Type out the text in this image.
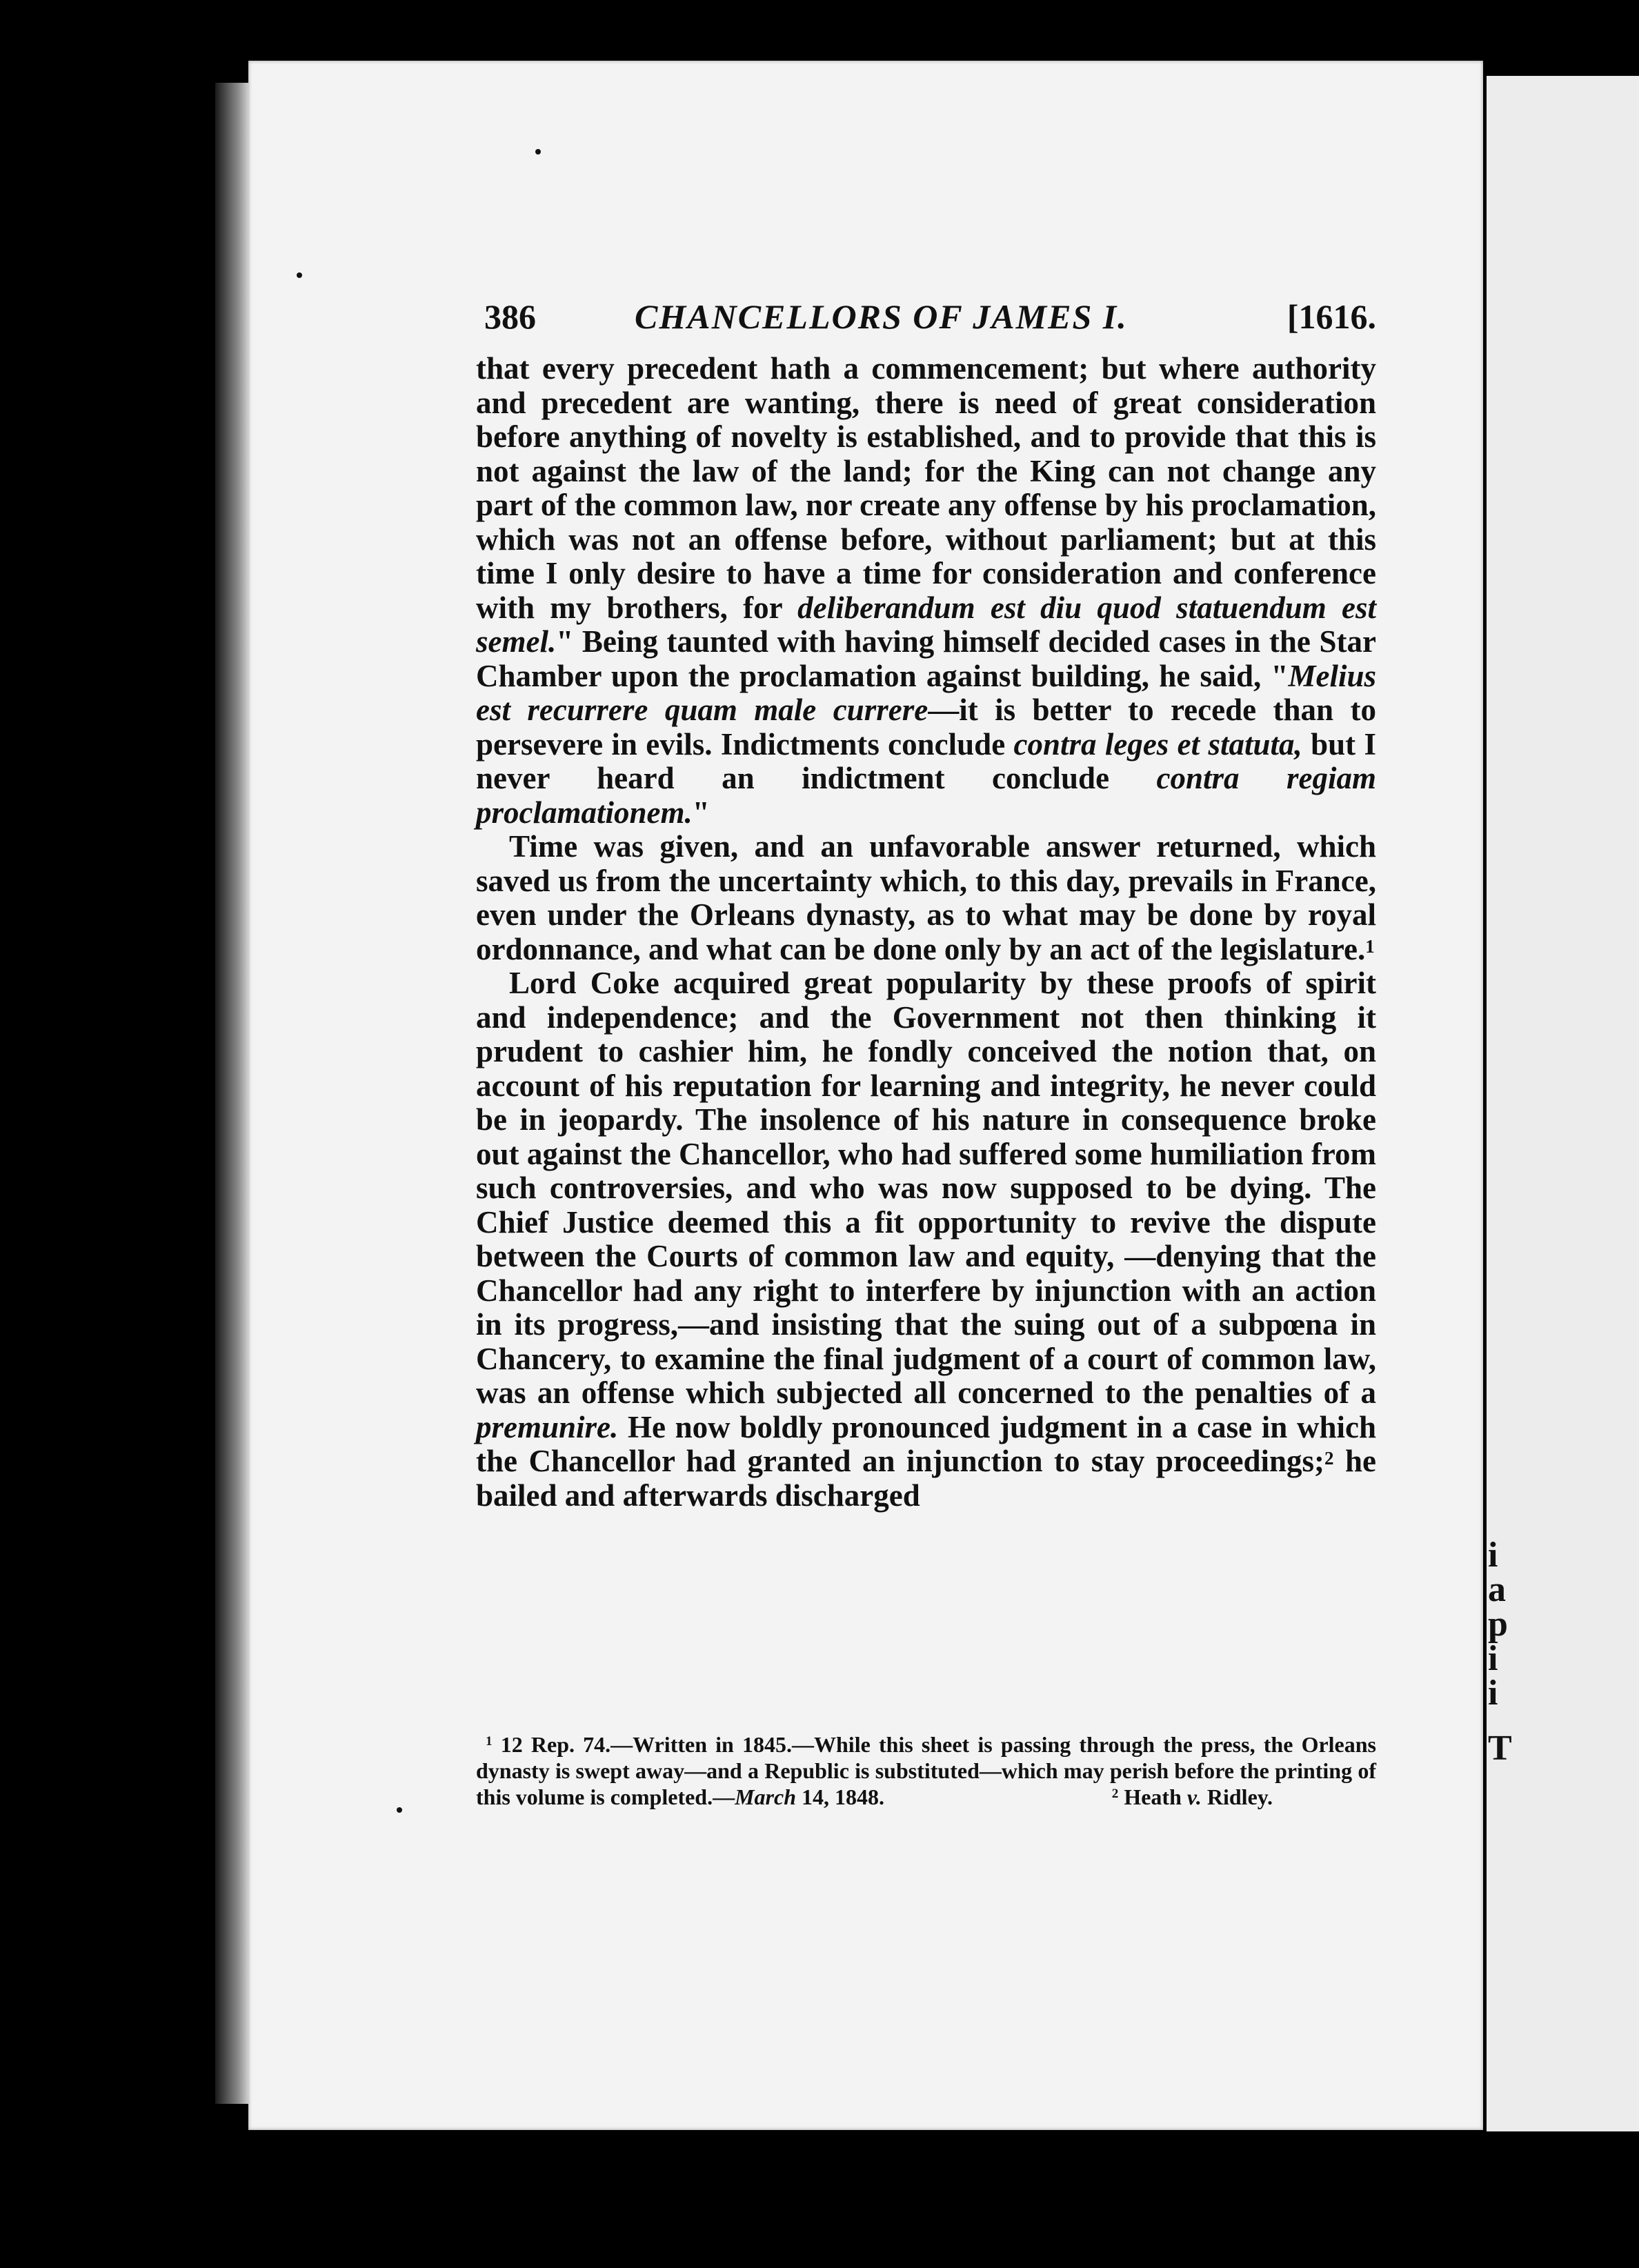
i
a
p
i
i
T
386	CHANCELLORS OF JAMES I.	[1616.

that every precedent hath a commencement; but where authority and precedent are wanting, there is need of great consideration before anything of novelty is established, and to provide that this is not against the law of the land; for the King can not change any part of the common law, nor create any offense by his proclamation, which was not an offense before, without parliament; but at this time I only desire to have a time for consideration and conference with my brothers, for deliberandum est diu quod statuendum est semel." Being taunted with having himself decided cases in the Star Chamber upon the proclamation against building, he said, "Melius est recurrere quam male currere—it is better to recede than to persevere in evils. Indictments conclude contra leges et statuta, but I never heard an indictment conclude contra regiam proclamationem."

Time was given, and an unfavorable answer returned, which saved us from the uncertainty which, to this day, prevails in France, even under the Orleans dynasty, as to what may be done by royal ordonnance, and what can be done only by an act of the legislature.$^1$

Lord Coke acquired great popularity by these proofs of spirit and independence; and the Government not then thinking it prudent to cashier him, he fondly conceived the notion that, on account of his reputation for learning and integrity, he never could be in jeopardy. The insolence of his nature in consequence broke out against the Chancellor, who had suffered some humiliation from such controversies, and who was now supposed to be dying. The Chief Justice deemed this a fit opportunity to revive the dispute between the Courts of common law and equity, —denying that the Chancellor had any right to interfere by injunction with an action in its progress,—and insisting that the suing out of a subpœna in Chancery, to examine the final judgment of a court of common law, was an offense which subjected all concerned to the penalties of a premunire. He now boldly pronounced judgment in a case in which the Chancellor had granted an injunction to stay proceedings;$^2$ he bailed and afterwards discharged

$^1$ 12 Rep. 74.—Written in 1845.—While this sheet is passing through the press, the Orleans dynasty is swept away—and a Republic is substituted—which may perish before the printing of this volume is completed.—March 14, 1848.	$^2$ Heath v. Ridley.
